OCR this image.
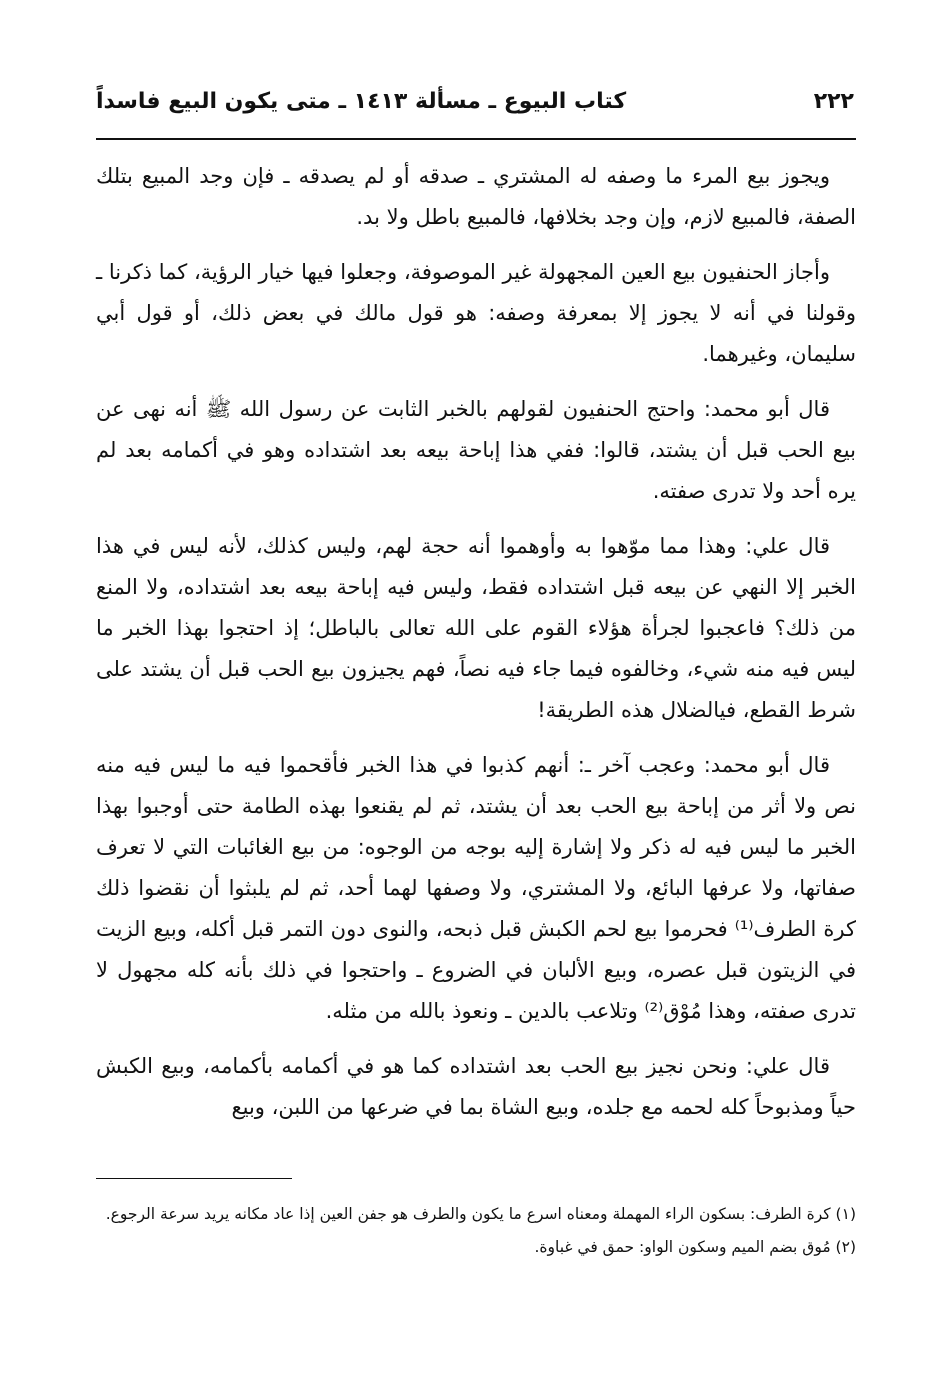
٢٢٢
كتاب البيوع ـ مسألة ١٤١٣ ـ متى يكون البيع فاسداً

ويجوز بيع المرء ما وصفه له المشتري ـ صدقه أو لم يصدقه ـ فإن وجد المبيع بتلك الصفة، فالمبيع لازم، وإن وجد بخلافها، فالمبيع باطل ولا بد.

وأجاز الحنفيون بيع العين المجهولة غير الموصوفة، وجعلوا فيها خيار الرؤية، كما ذكرنا ـ وقولنا في أنه لا يجوز إلا بمعرفة وصفه: هو قول مالك في بعض ذلك، أو قول أبي سليمان، وغيرهما.

قال أبو محمد: واحتج الحنفيون لقولهم بالخبر الثابت عن رسول الله ﷺ أنه نهى عن بيع الحب قبل أن يشتد، قالوا: ففي هذا إباحة بيعه بعد اشتداده وهو في أكمامه بعد لم يره أحد ولا تدرى صفته.

قال علي: وهذا مما موّهوا به وأوهموا أنه حجة لهم، وليس كذلك، لأنه ليس في هذا الخبر إلا النهي عن بيعه قبل اشتداده فقط، وليس فيه إباحة بيعه بعد اشتداده، ولا المنع من ذلك؟ فاعجبوا لجرأة هؤلاء القوم على الله تعالى بالباطل؛ إذ احتجوا بهذا الخبر ما ليس فيه منه شيء، وخالفوه فيما جاء فيه نصاً، فهم يجيزون بيع الحب قبل أن يشتد على شرط القطع، فيالضلال هذه الطريقة!

قال أبو محمد: وعجب آخر ـ: أنهم كذبوا في هذا الخبر فأقحموا فيه ما ليس فيه منه نص ولا أثر من إباحة بيع الحب بعد أن يشتد، ثم لم يقنعوا بهذه الطامة حتى أوجبوا بهذا الخبر ما ليس فيه له ذكر ولا إشارة إليه بوجه من الوجوه: من بيع الغائبات التي لا تعرف صفاتها، ولا عرفها البائع، ولا المشتري، ولا وصفها لهما أحد، ثم لم يلبثوا أن نقضوا ذلك كرة الطرف⁽¹⁾ فحرموا بيع لحم الكبش قبل ذبحه، والنوى دون التمر قبل أكله، وبيع الزيت في الزيتون قبل عصره، وبيع الألبان في الضروع ـ واحتجوا في ذلك بأنه كله مجهول لا تدرى صفته، وهذا مُوْق⁽²⁾ وتلاعب بالدين ـ ونعوذ بالله من مثله.

قال علي: ونحن نجيز بيع الحب بعد اشتداده كما هو في أكمامه بأكمامه، وبيع الكبش حياً ومذبوحاً كله لحمه مع جلده، وبيع الشاة بما في ضرعها من اللبن، وبيع

(١) كرة الطرف: بسكون الراء المهملة ومعناه اسرع ما يكون والطرف هو جفن العين إذا عاد مكانه يريد سرعة الرجوع.

(٢) مُوق بضم الميم وسكون الواو: حمق في غباوة.
